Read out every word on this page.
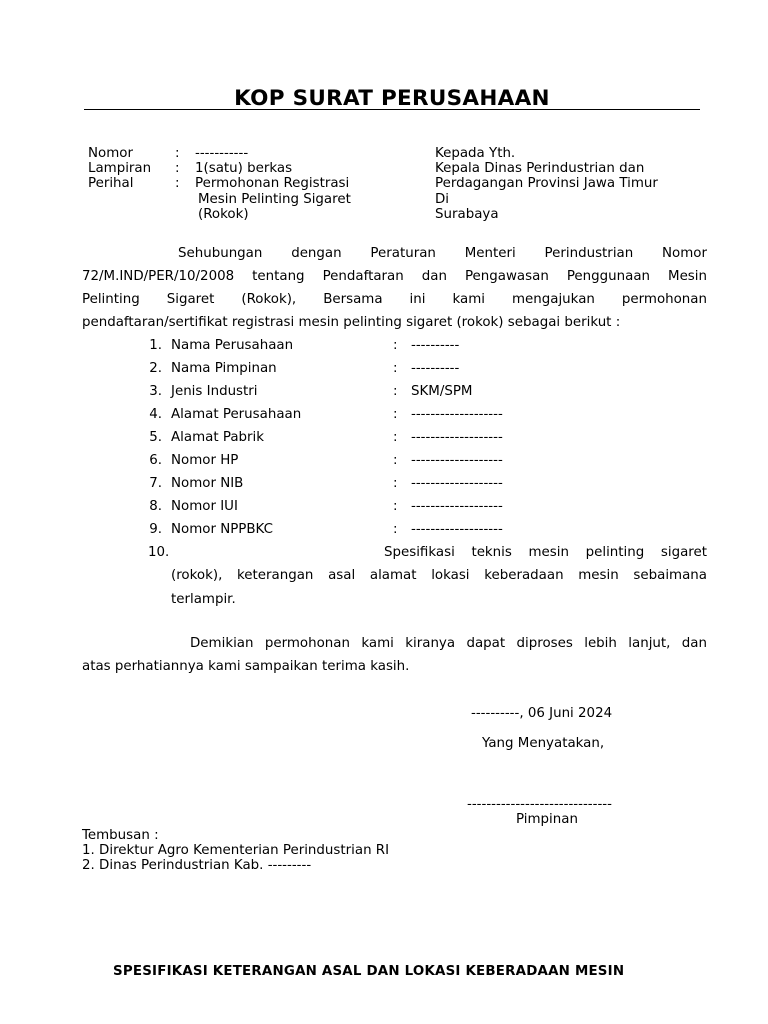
KOP SURAT PERUSAHAAN
Nomor	: -----------
Lampiran : 1(satu) berkas
Perihal	: Permohonan Registrasi
Mesin Pelinting Sigaret
(Rokok)
Kepada Yth.
Kepala Dinas Perindustrian dan
Perdagangan Provinsi Jawa Timur
Di
Surabaya
Sehubungan dengan Peraturan Menteri Perindustrian Nomor
72/M.IND/PER/10/2008 tentang Pendaftaran dan Pengawasan Penggunaan Mesin
Pelinting Sigaret (Rokok), Bersama ini kami mengajukan permohonan
pendaftaran/sertifikat registrasi mesin pelinting sigaret (rokok) sebagai berikut :
1. Nama Perusahaan	: ----------
2. Nama Pimpinan	: ----------
3. Jenis Industri	: SKM/SPM
4. Alamat Perusahaan	: -------------------
5. Alamat Pabrik	: -------------------
6. Nomor HP	: -------------------
7. Nomor NIB	: -------------------
8. Nomor IUI	: -------------------
9. Nomor NPPBKC	: -------------------
10.	Spesifikasi teknis mesin pelinting sigaret
(rokok), keterangan asal alamat lokasi keberadaan mesin sebaimana
terlampir.
Demikian permohonan kami kiranya dapat diproses lebih lanjut, dan
atas perhatiannya kami sampaikan terima kasih.
----------, 06 Juni 2024
Yang Menyatakan,
------------------------------
Pimpinan
Tembusan :
1. Direktur Agro Kementerian Perindustrian RI
2. Dinas Perindustrian Kab. ---------
SPESIFIKASI KETERANGAN ASAL DAN LOKASI KEBERADAAN MESIN
